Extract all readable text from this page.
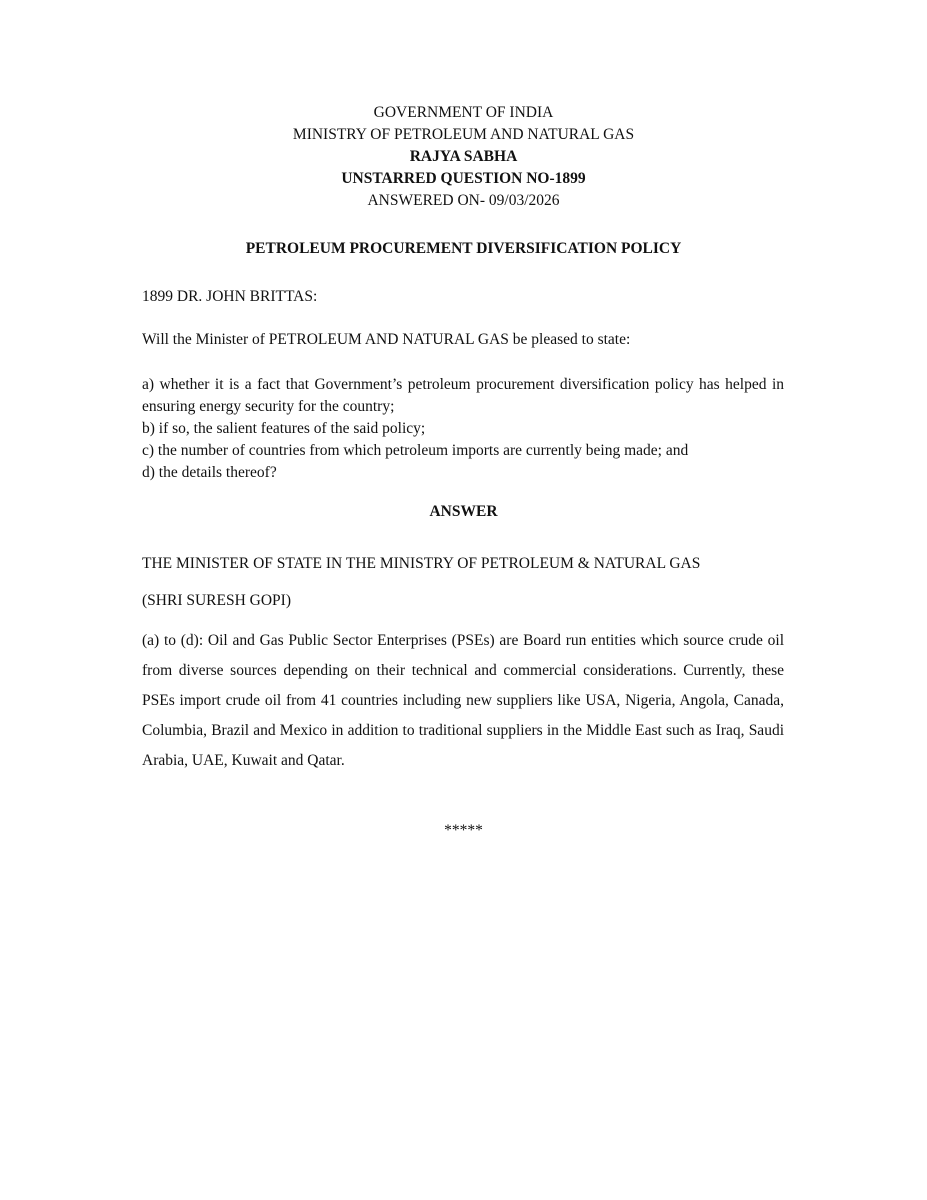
GOVERNMENT OF INDIA
MINISTRY OF PETROLEUM AND NATURAL GAS
RAJYA SABHA
UNSTARRED QUESTION NO-1899
ANSWERED ON- 09/03/2026
PETROLEUM PROCUREMENT DIVERSIFICATION POLICY
1899 DR. JOHN BRITTAS:
Will the Minister of PETROLEUM AND NATURAL GAS be pleased to state:
a) whether it is a fact that Government’s petroleum procurement diversification policy has helped in ensuring energy security for the country;
b) if so, the salient features of the said policy;
c) the number of countries from which petroleum imports are currently being made; and
d) the details thereof?
ANSWER
THE MINISTER OF STATE IN THE MINISTRY OF PETROLEUM & NATURAL GAS
(SHRI SURESH GOPI)
(a) to (d): Oil and Gas Public Sector Enterprises (PSEs) are Board run entities which source crude oil from diverse sources depending on their technical and commercial considerations. Currently, these PSEs import crude oil from 41 countries including new suppliers like USA, Nigeria, Angola, Canada, Columbia, Brazil and Mexico in addition to traditional suppliers in the Middle East such as Iraq, Saudi Arabia, UAE, Kuwait and Qatar.
*****
